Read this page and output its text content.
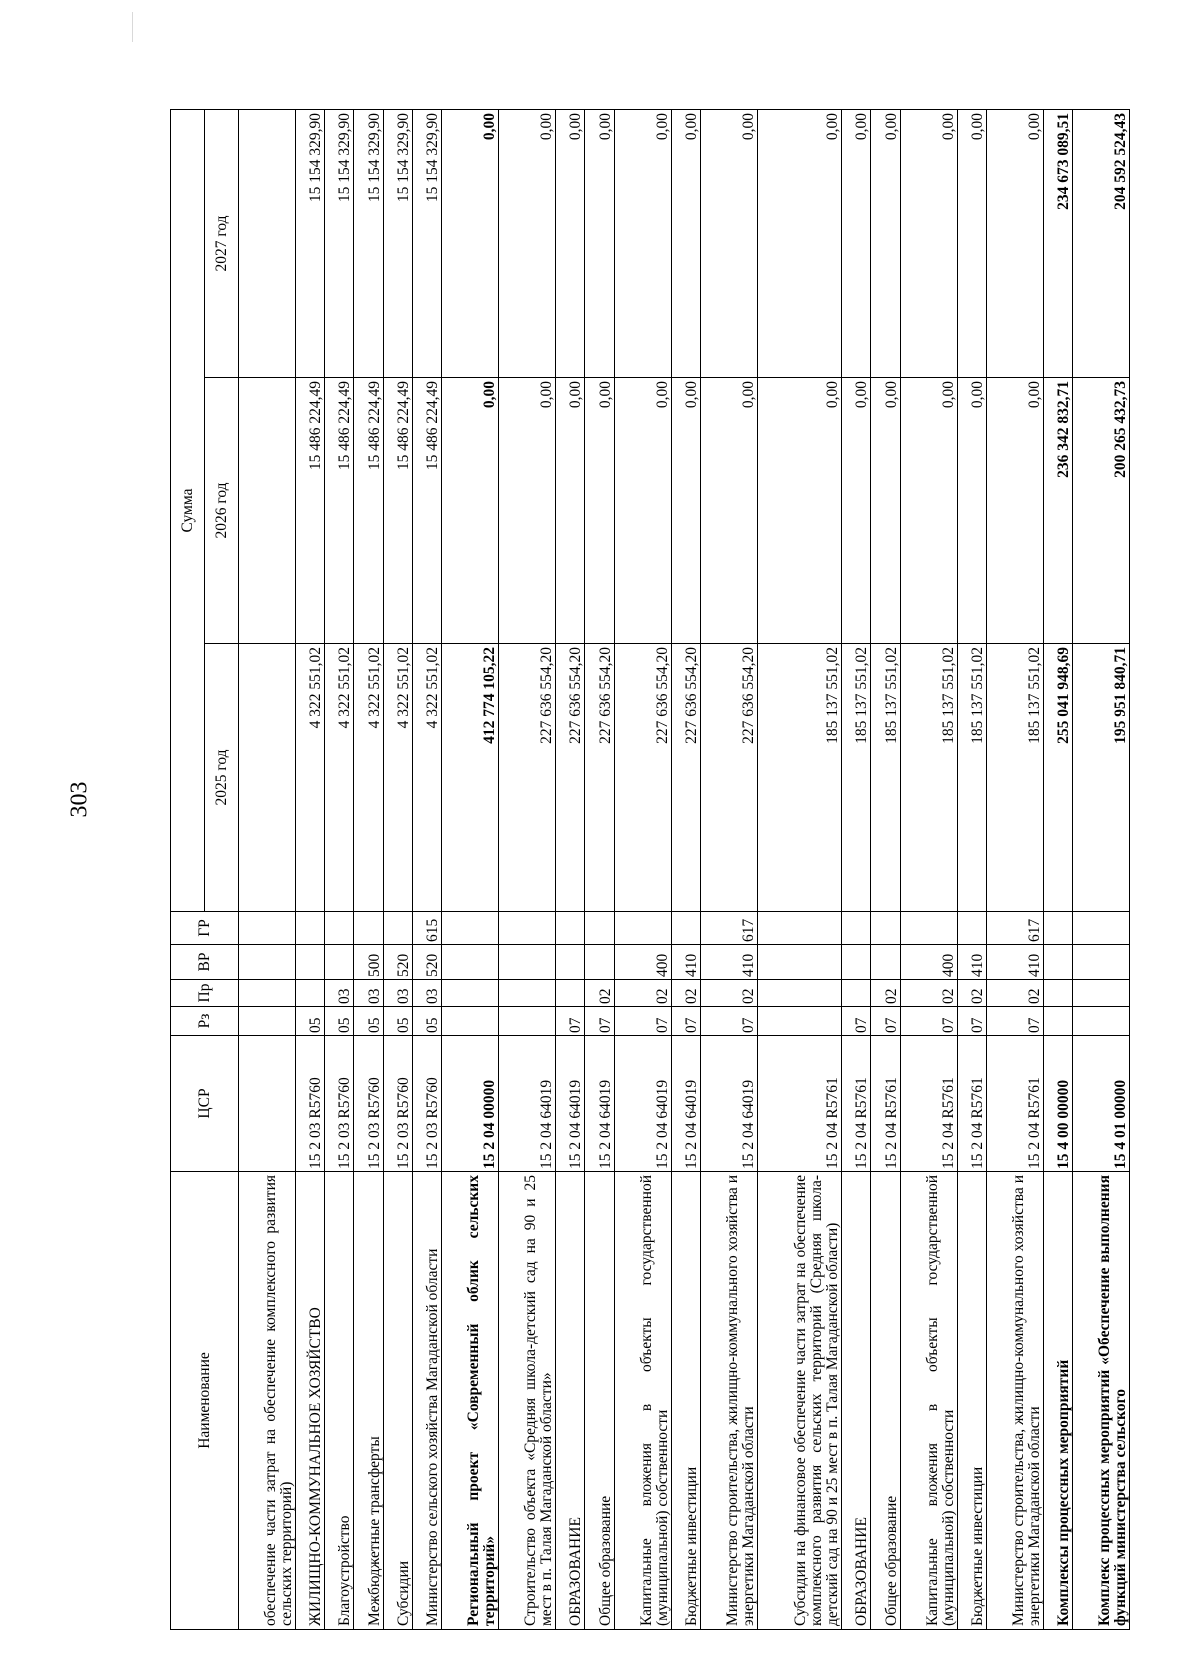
303
Наименование	ЦСР	Рз	Пр	ВР	ГР	Сумма		
						2025 год	2026 год	2027 год
обеспечение части затрат на обеспечение комплексного развития сельских территорий)								
ЖИЛИЩНО-КОММУНАЛЬНОЕ ХОЗЯЙСТВО	15 2 03 R5760	05				4 322 551,02	15 486 224,49	15 154 329,90
Благоустройство	15 2 03 R5760	05	03			4 322 551,02	15 486 224,49	15 154 329,90
Межбюджетные трансферты	15 2 03 R5760	05	03	500		4 322 551,02	15 486 224,49	15 154 329,90
Субсидии	15 2 03 R5760	05	03	520		4 322 551,02	15 486 224,49	15 154 329,90
Министерство сельского хозяйства Магаданской области	15 2 03 R5760	05	03	520	615	4 322 551,02	15 486 224,49	15 154 329,90
Региональный проект «Современный облик сельских территорий»	15 2 04 00000					412 774 105,22	0,00	0,00
Строительство объекта «Средняя школа-детский сад на 90 и 25 мест в п. Талая Магаданской области»	15 2 04 64019					227 636 554,20	0,00	0,00
ОБРАЗОВАНИЕ	15 2 04 64019	07				227 636 554,20	0,00	0,00
Общее образование	15 2 04 64019	07	02			227 636 554,20	0,00	0,00
Капитальные вложения в объекты государственной (муниципальной) собственности	15 2 04 64019	07	02	400		227 636 554,20	0,00	0,00
Бюджетные инвестиции	15 2 04 64019	07	02	410		227 636 554,20	0,00	0,00
Министерство строительства, жилищно-коммунального хозяйства и энергетики Магаданской области	15 2 04 64019	07	02	410	617	227 636 554,20	0,00	0,00
Субсидии на финансовое обеспечение части затрат на обеспечение комплексного развития сельских территорий (Средняя школа-детский сад на 90 и 25 мест в п. Талая Магаданской области)	15 2 04 R5761					185 137 551,02	0,00	0,00
ОБРАЗОВАНИЕ	15 2 04 R5761	07				185 137 551,02	0,00	0,00
Общее образование	15 2 04 R5761	07	02			185 137 551,02	0,00	0,00
Капитальные вложения в объекты государственной (муниципальной) собственности	15 2 04 R5761	07	02	400		185 137 551,02	0,00	0,00
Бюджетные инвестиции	15 2 04 R5761	07	02	410		185 137 551,02	0,00	0,00
Министерство строительства, жилищно-коммунального хозяйства и энергетики Магаданской области	15 2 04 R5761	07	02	410	617	185 137 551,02	0,00	0,00
Комплексы процессных мероприятий	15 4 00 00000					255 041 948,69	236 342 832,71	234 673 089,51
Комплекс процессных мероприятий «Обеспечение выполнения функций министерства сельского	15 4 01 00000					195 951 840,71	200 265 432,73	204 592 524,43
